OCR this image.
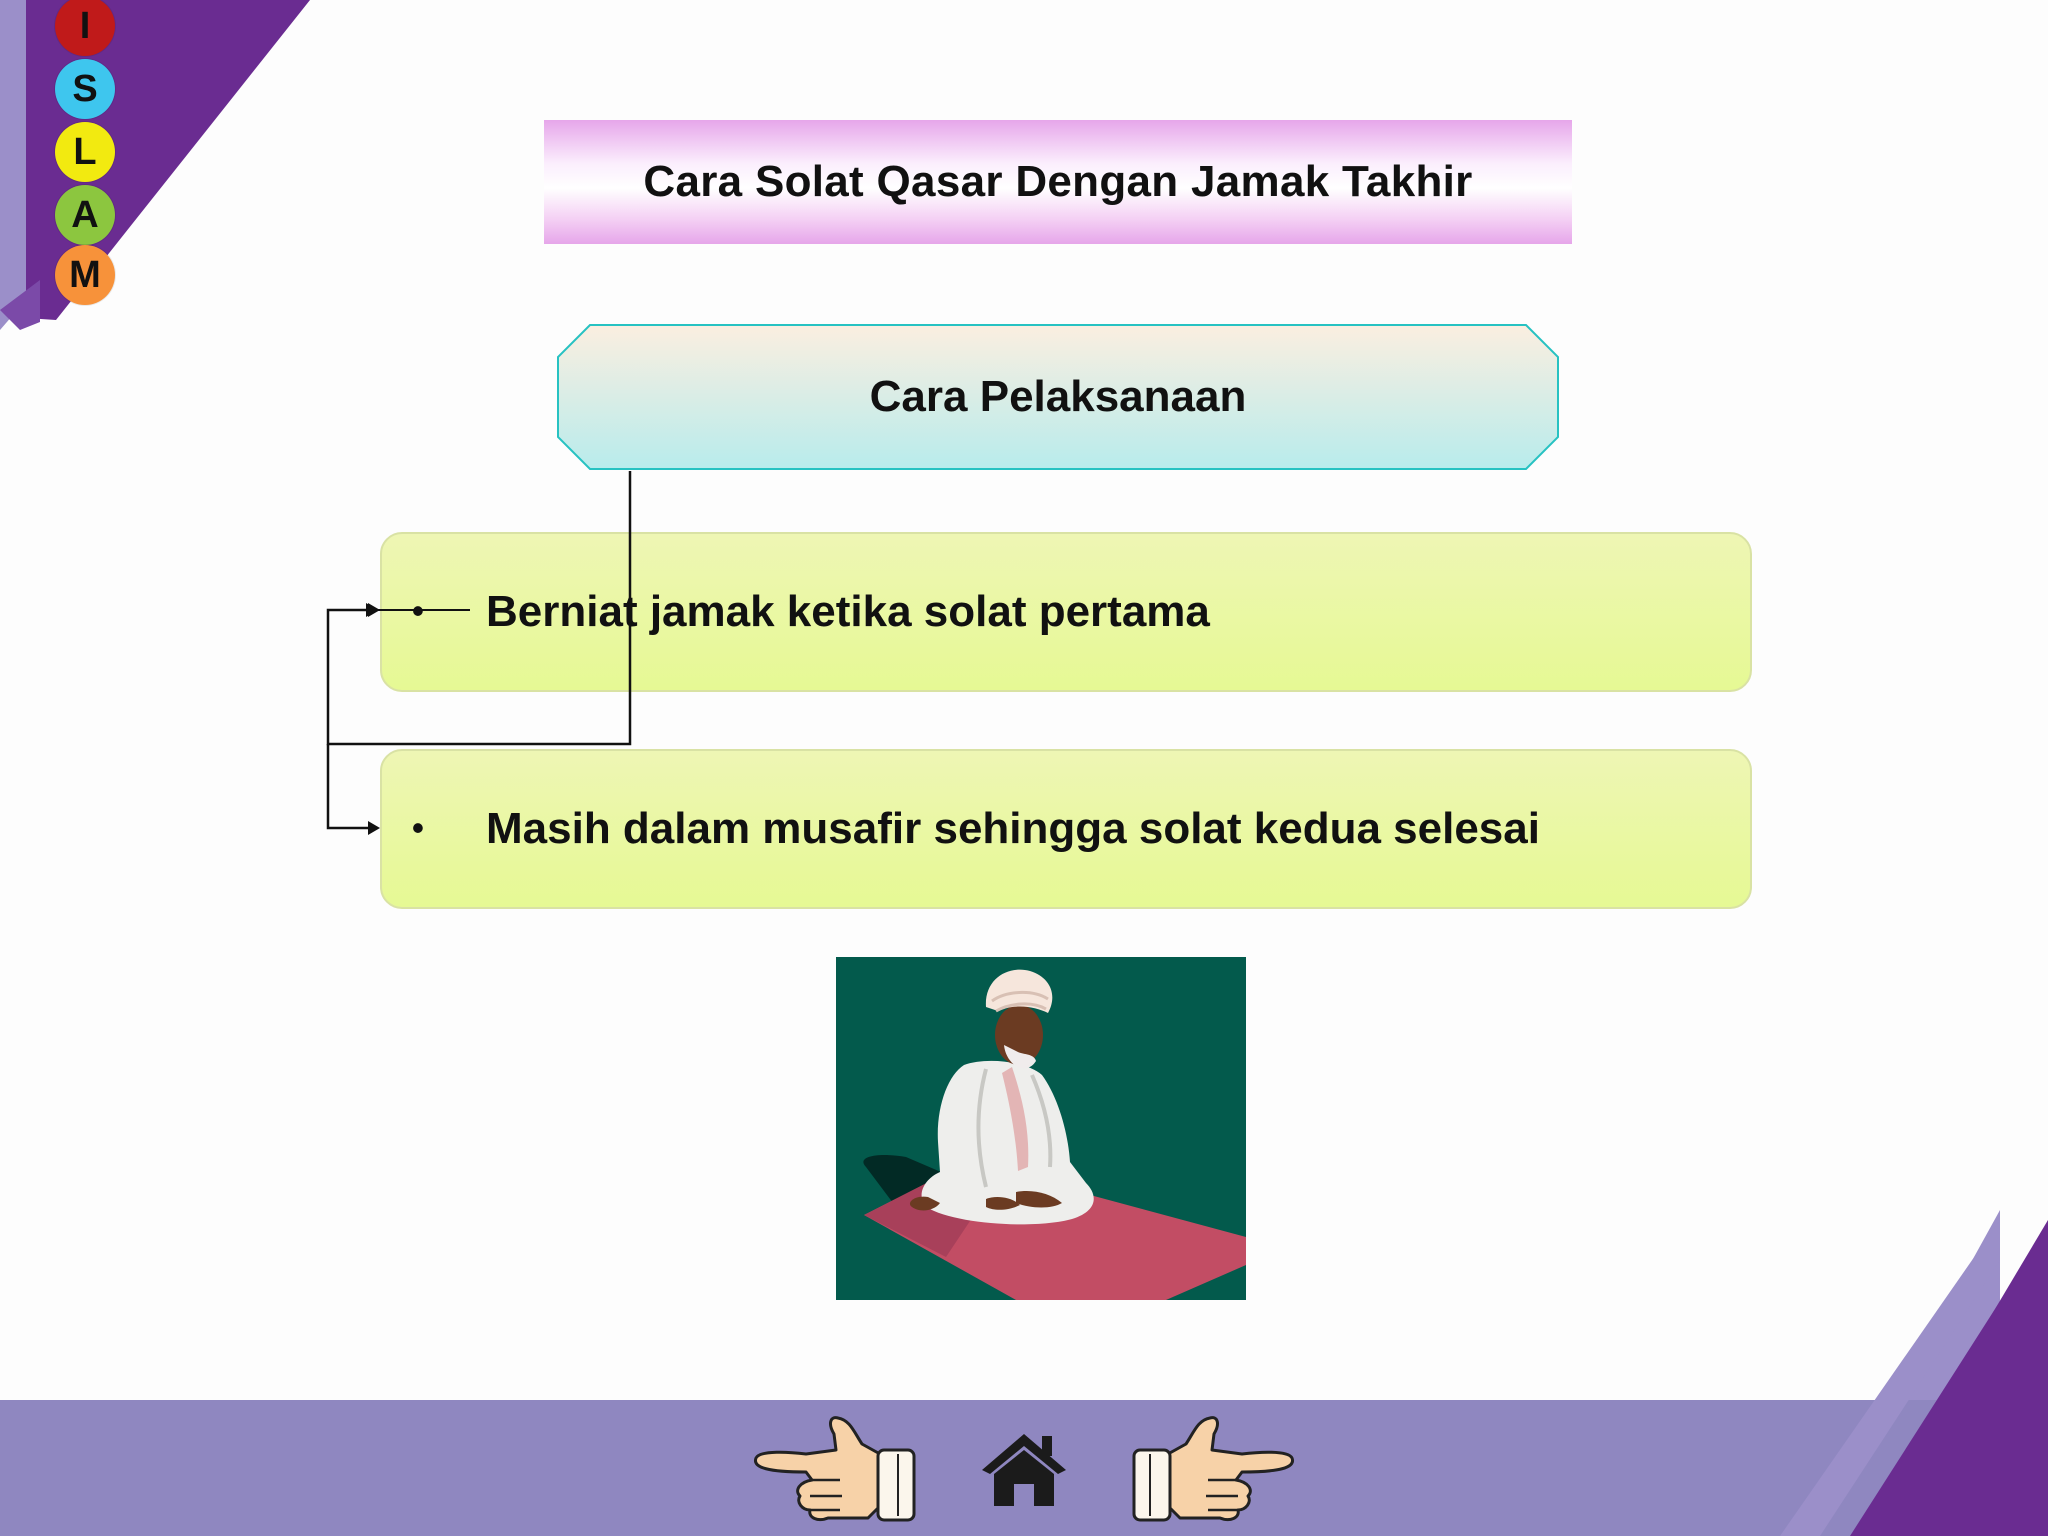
I
S
L
A
M
Cara Solat Qasar Dengan Jamak Takhir
Cara Pelaksanaan
• Berniat jamak ketika solat pertama
• Masih dalam musafir sehingga solat kedua selesai
